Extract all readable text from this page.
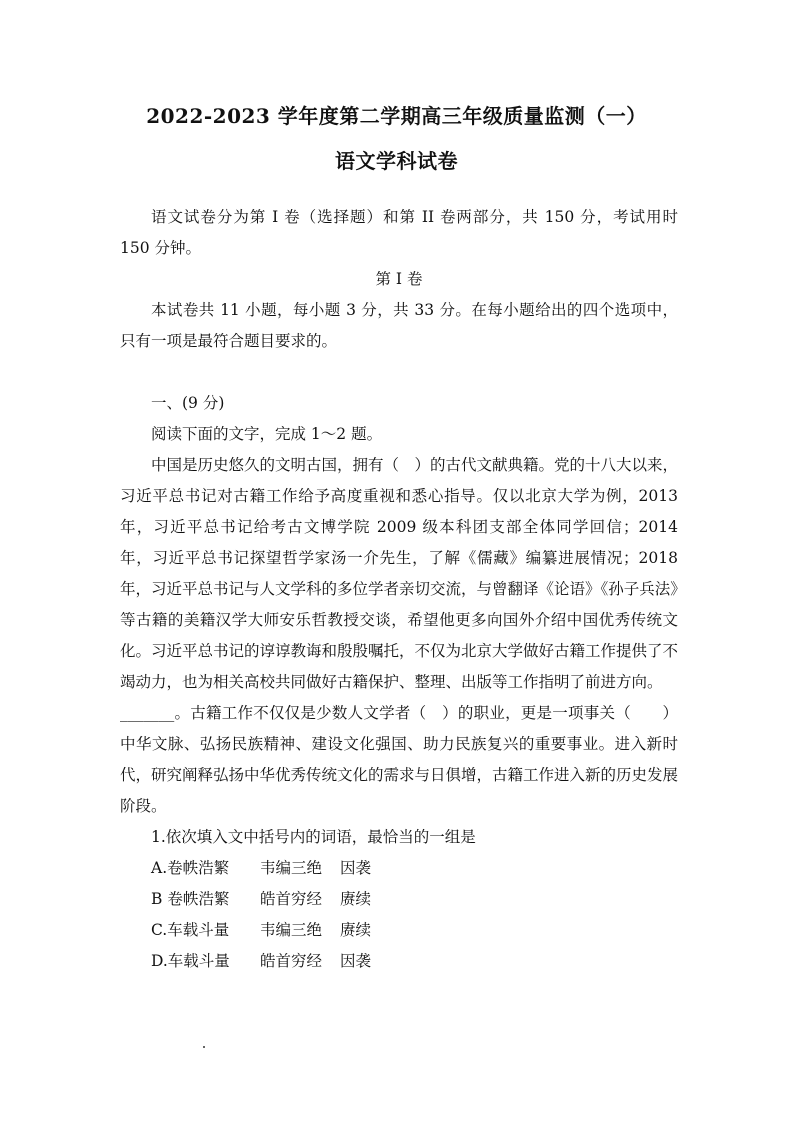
2022-2023 学年度第二学期高三年级质量监测（一）
语文学科试卷

语文试卷分为第 I 卷（选择题）和第 II 卷两部分，共 150 分，考试用时 150 分钟。

第 I 卷

本试卷共 11 小题，每小题 3 分，共 33 分。在每小题给出的四个选项中，只有一项是最符合题目要求的。

一、(9 分)

阅读下面的文字，完成 1～2 题。

中国是历史悠久的文明古国，拥有（　）的古代文献典籍。党的十八大以来，习近平总书记对古籍工作给予高度重视和悉心指导。仅以北京大学为例，2013 年，习近平总书记给考古文博学院 2009 级本科团支部全体同学回信；2014 年，习近平总书记探望哲学家汤一介先生，了解《儒藏》编纂进展情况；2018 年，习近平总书记与人文学科的多位学者亲切交流，与曾翻译《论语》《孙子兵法》等古籍的美籍汉学大师安乐哲教授交谈，希望他更多向国外介绍中国优秀传统文化。习近平总书记的谆谆教诲和殷殷嘱托，不仅为北京大学做好古籍工作提供了不竭动力，也为相关高校共同做好古籍保护、整理、出版等工作指明了前进方向。

_______。古籍工作不仅仅是少数人文学者（　）的职业，更是一项事关（　　）中华文脉、弘扬民族精神、建设文化强国、助力民族复兴的重要事业。进入新时代，研究阐释弘扬中华优秀传统文化的需求与日俱增，古籍工作进入新的历史发展阶段。

1.依次填入文中括号内的词语，最恰当的一组是

A.卷帙浩繁	韦编三绝	因袭
B 卷帙浩繁	皓首穷经	赓续
C.车载斗量	韦编三绝	赓续
D.车载斗量	皓首穷经	因袭
